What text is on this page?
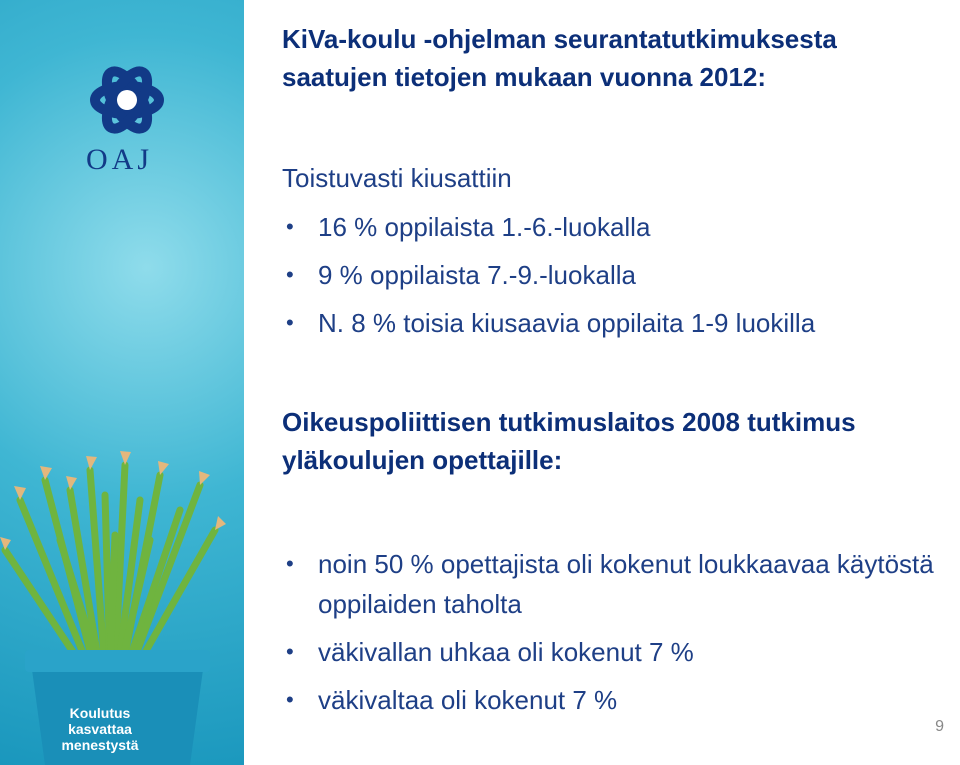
OAJ
Koulutus
kasvattaa
menestystä
KiVa-koulu -ohjelman seurantatutkimuksesta
saatujen tietojen mukaan vuonna 2012:
Toistuvasti kiusattiin
• 16 % oppilaista 1.-6.-luokalla
• 9 % oppilaista 7.-9.-luokalla
• N. 8 % toisia kiusaavia oppilaita 1-9 luokilla
Oikeuspoliittisen tutkimuslaitos 2008 tutkimus
yläkoulujen opettajille:
• noin 50 % opettajista oli kokenut loukkaavaa käytöstä oppilaiden taholta
• väkivallan uhkaa oli kokenut 7 %
• väkivaltaa oli kokenut 7 %
9
